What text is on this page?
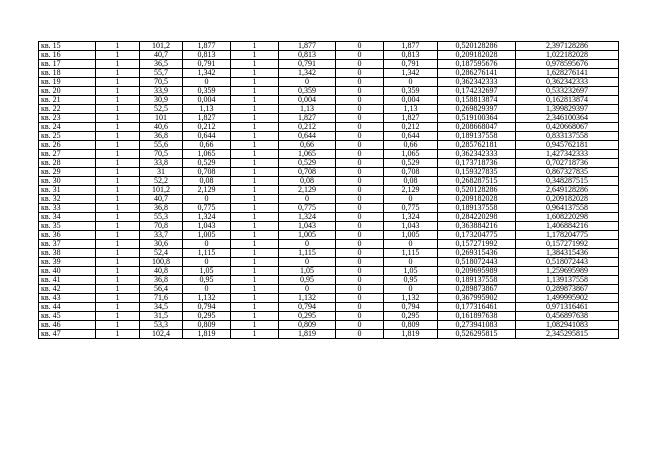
кв. 15	1	101,2	1,877	1	1,877	0	1,877	0,520128286	2,397128286
кв. 16	1	40,7	0,813	1	0,813	0	0,813	0,209182028	1,022182028
кв. 17	1	36,5	0,791	1	0,791	0	0,791	0,187595676	0,978595676
кв. 18	1	55,7	1,342	1	1,342	0	1,342	0,286276141	1,628276141
кв. 19	1	70,5	0	1	0	0	0	0,362342333	0,362342333
кв. 20	1	33,9	0,359	1	0,359	0	0,359	0,174232697	0,533232697
кв. 21	1	30,9	0,004	1	0,004	0	0,004	0,158813874	0,162813874
кв. 22	1	52,5	1,13	1	1,13	0	1,13	0,269829397	1,399829397
кв. 23	1	101	1,827	1	1,827	0	1,827	0,519100364	2,346100364
кв. 24	1	40,6	0,212	1	0,212	0	0,212	0,208668047	0,420668067
кв. 25	1	36,8	0,644	1	0,644	0	0,644	0,189137558	0,833137558
кв. 26	1	55,6	0,66	1	0,66	0	0,66	0,285762181	0,945762181
кв. 27	1	70,5	1,065	1	1,065	0	1,065	0,362342333	1,427342333
кв. 28	1	33,8	0,529	1	0,529	0	0,529	0,173718736	0,702718736
кв. 29	1	31	0,708	1	0,708	0	0,708	0,159327835	0,867327835
кв. 30	1	52,2	0,08	1	0,08	0	0,08	0,268287515	0,348287515
кв. 31	1	101,2	2,129	1	2,129	0	2,129	0,520128286	2,649128286
кв. 32	1	40,7	0	1	0	0	0	0,209182028	0,209182028
кв. 33	1	36,8	0,775	1	0,775	0	0,775	0,189137558	0,964137558
кв. 34	1	55,3	1,324	1	1,324	0	1,324	0,284220298	1,608220298
кв. 35	1	70,8	1,043	1	1,043	0	1,043	0,363884216	1,406884216
кв. 36	1	33,7	1,005	1	1,005	0	1,005	0,173204775	1,178204775
кв. 37	1	30,6	0	1	0	0	0	0,157271992	0,157271992
кв. 38	1	52,4	1,115	1	1,115	0	1,115	0,269315436	1,384315436
кв. 39	1	100,8	0	1	0	0	0	0,518072443	0,518072443
кв. 40	1	40,8	1,05	1	1,05	0	1,05	0,209695989	1,259695989
кв. 41	1	36,8	0,95	1	0,95	0	0,95	0,189137558	1,139137558
кв. 42	1	56,4	0	1	0	0	0	0,289873867	0,289873867
кв. 43	1	71,6	1,132	1	1,132	0	1,132	0,367995902	1,499995902
кв. 44	1	34,5	0,794	1	0,794	0	0,794	0,177316461	0,971316461
кв. 45	1	31,5	0,295	1	0,295	0	0,295	0,161897638	0,456897638
кв. 46	1	53,3	0,809	1	0,809	0	0,809	0,273941083	1,082941083
кв. 47	1	102,4	1,819	1	1,819	0	1,819	0,526295815	2,345295815
